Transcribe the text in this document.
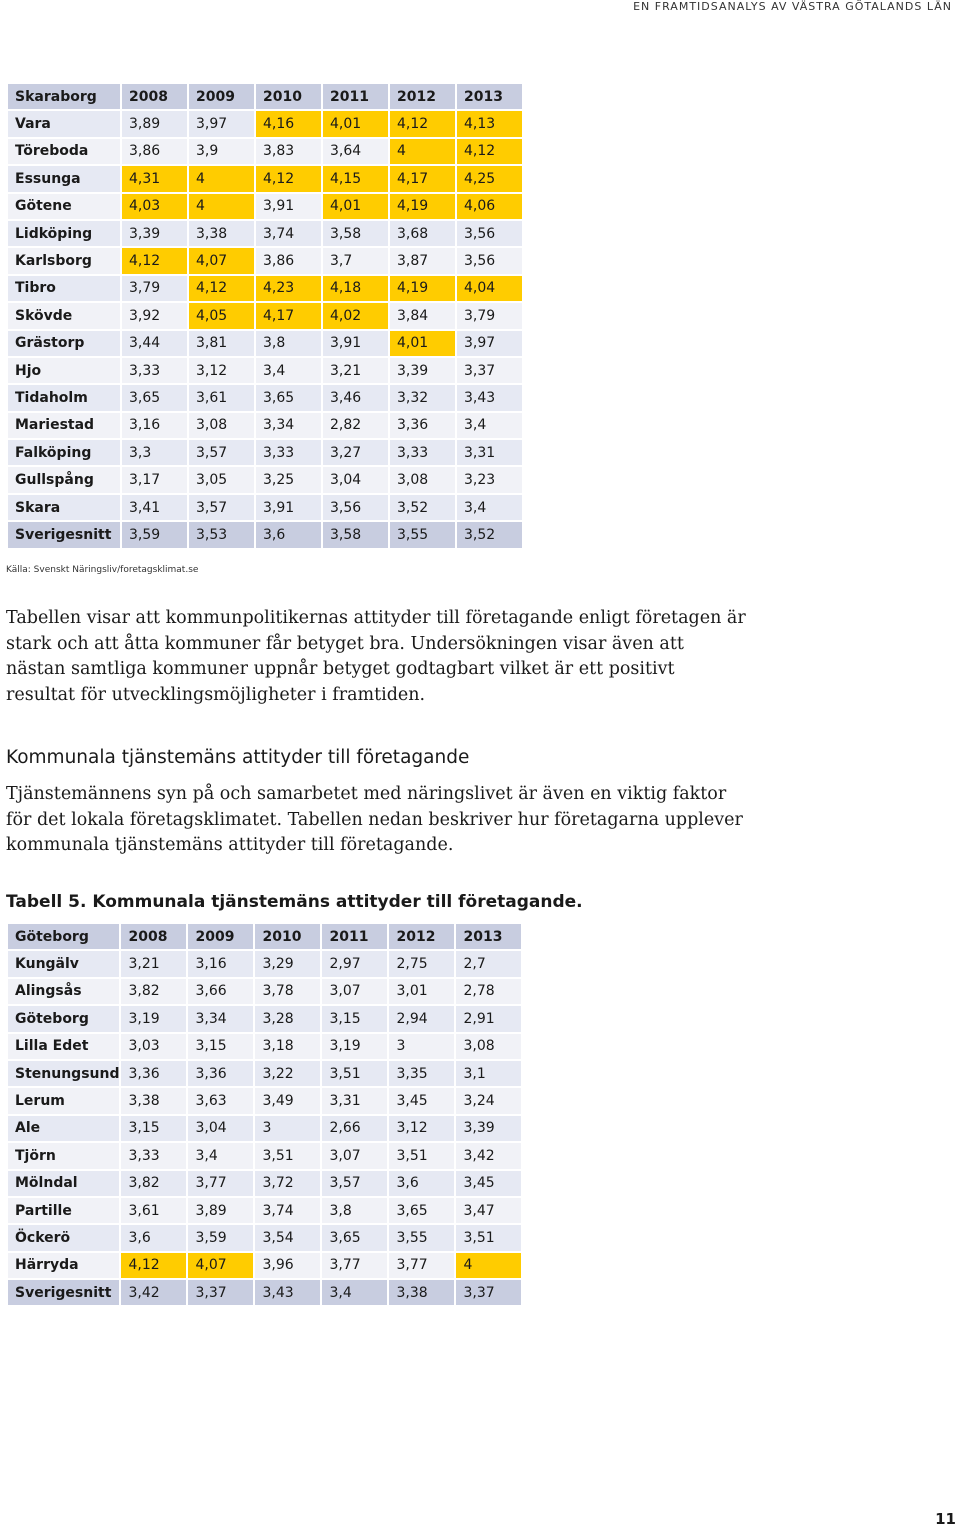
EN FRAMTIDSANALYS AV VÄSTRA GÖTALANDS LÄN
Skaraborg	2008	2009	2010	2011	2012	2013
Vara	3,89	3,97	4,16	4,01	4,12	4,13
Töreboda	3,86	3,9	3,83	3,64	4	4,12
Essunga	4,31	4	4,12	4,15	4,17	4,25
Götene	4,03	4	3,91	4,01	4,19	4,06
Lidköping	3,39	3,38	3,74	3,58	3,68	3,56
Karlsborg	4,12	4,07	3,86	3,7	3,87	3,56
Tibro	3,79	4,12	4,23	4,18	4,19	4,04
Skövde	3,92	4,05	4,17	4,02	3,84	3,79
Grästorp	3,44	3,81	3,8	3,91	4,01	3,97
Hjo	3,33	3,12	3,4	3,21	3,39	3,37
Tidaholm	3,65	3,61	3,65	3,46	3,32	3,43
Mariestad	3,16	3,08	3,34	2,82	3,36	3,4
Falköping	3,3	3,57	3,33	3,27	3,33	3,31
Gullspång	3,17	3,05	3,25	3,04	3,08	3,23
Skara	3,41	3,57	3,91	3,56	3,52	3,4
Sverigesnitt	3,59	3,53	3,6	3,58	3,55	3,52
Källa: Svenskt Näringsliv/foretagsklimat.se

Tabellen visar att kommunpolitikernas attityder till företagande enligt företagen är stark och att åtta kommuner får betyget bra. Undersökningen visar även att nästan samtliga kommuner uppnår betyget godtagbart vilket är ett positivt resultat för utvecklingsmöjligheter i framtiden.

Kommunala tjänstemäns attityder till företagande

Tjänstemännens syn på och samarbetet med näringslivet är även en viktig faktor för det lokala företagsklimatet. Tabellen nedan beskriver hur företagarna upplever kommunala tjänstemäns attityder till företagande.

Tabell 5. Kommunala tjänstemäns attityder till företagande.
Göteborg	2008	2009	2010	2011	2012	2013
Kungälv	3,21	3,16	3,29	2,97	2,75	2,7
Alingsås	3,82	3,66	3,78	3,07	3,01	2,78
Göteborg	3,19	3,34	3,28	3,15	2,94	2,91
Lilla Edet	3,03	3,15	3,18	3,19	3	3,08
Stenungsund	3,36	3,36	3,22	3,51	3,35	3,1
Lerum	3,38	3,63	3,49	3,31	3,45	3,24
Ale	3,15	3,04	3	2,66	3,12	3,39
Tjörn	3,33	3,4	3,51	3,07	3,51	3,42
Mölndal	3,82	3,77	3,72	3,57	3,6	3,45
Partille	3,61	3,89	3,74	3,8	3,65	3,47
Öckerö	3,6	3,59	3,54	3,65	3,55	3,51
Härryda	4,12	4,07	3,96	3,77	3,77	4
Sverigesnitt	3,42	3,37	3,43	3,4	3,38	3,37
11
